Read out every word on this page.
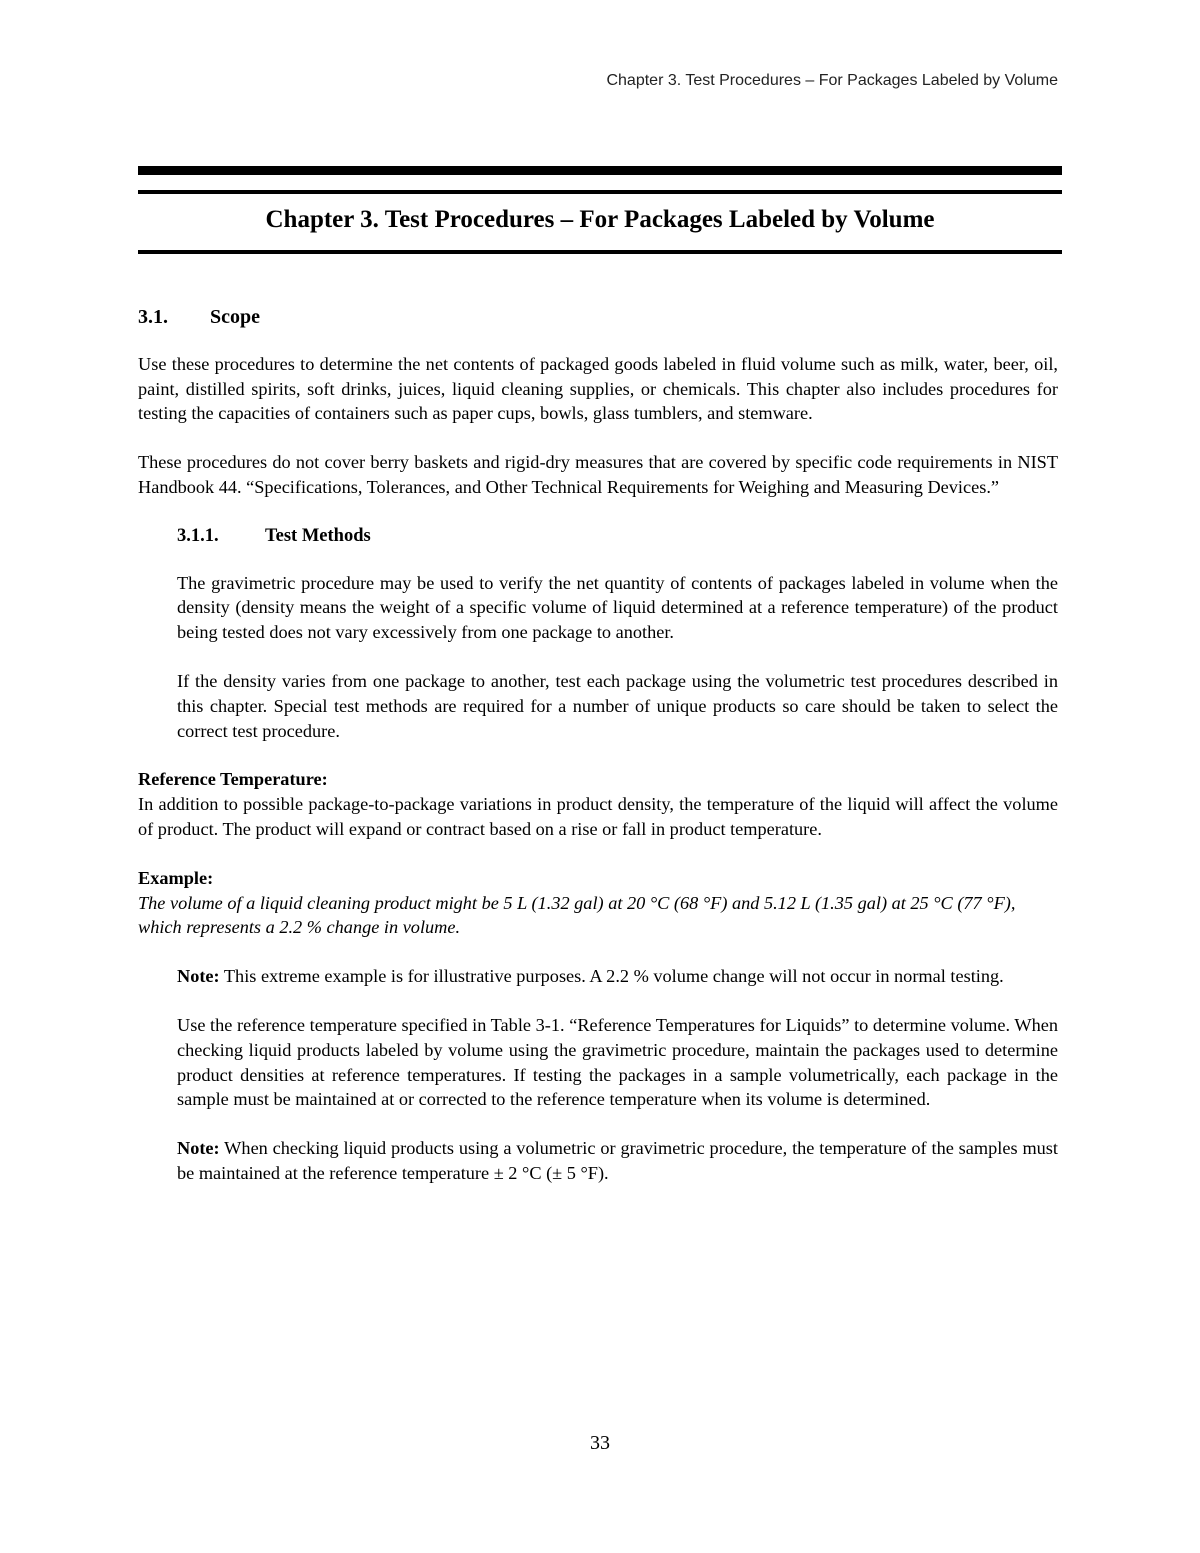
Chapter 3. Test Procedures – For Packages Labeled by Volume
Chapter 3. Test Procedures – For Packages Labeled by Volume
3.1. Scope

Use these procedures to determine the net contents of packaged goods labeled in fluid volume such as milk, water, beer, oil, paint, distilled spirits, soft drinks, juices, liquid cleaning supplies, or chemicals. This chapter also includes procedures for testing the capacities of containers such as paper cups, bowls, glass tumblers, and stemware.

These procedures do not cover berry baskets and rigid-dry measures that are covered by specific code requirements in NIST Handbook 44. “Specifications, Tolerances, and Other Technical Requirements for Weighing and Measuring Devices.”

3.1.1.	Test Methods

The gravimetric procedure may be used to verify the net quantity of contents of packages labeled in volume when the density (density means the weight of a specific volume of liquid determined at a reference temperature) of the product being tested does not vary excessively from one package to another.

If the density varies from one package to another, test each package using the volumetric test procedures described in this chapter. Special test methods are required for a number of unique products so care should be taken to select the correct test procedure.

Reference Temperature:
In addition to possible package-to-package variations in product density, the temperature of the liquid will affect the volume of product. The product will expand or contract based on a rise or fall in product temperature.
Example:
The volume of a liquid cleaning product might be 5 L (1.32 gal) at 20 °C (68 °F) and 5.12 L (1.35 gal) at 25 °C (77 °F), which represents a 2.2 % change in volume.

Note: This extreme example is for illustrative purposes. A 2.2 % volume change will not occur in normal testing.

Use the reference temperature specified in Table 3-1. “Reference Temperatures for Liquids” to determine volume. When checking liquid products labeled by volume using the gravimetric procedure, maintain the packages used to determine product densities at reference temperatures. If testing the packages in a sample volumetrically, each package in the sample must be maintained at or corrected to the reference temperature when its volume is determined.

Note: When checking liquid products using a volumetric or gravimetric procedure, the temperature of the samples must be maintained at the reference temperature ± 2 °C (± 5 °F).

33
